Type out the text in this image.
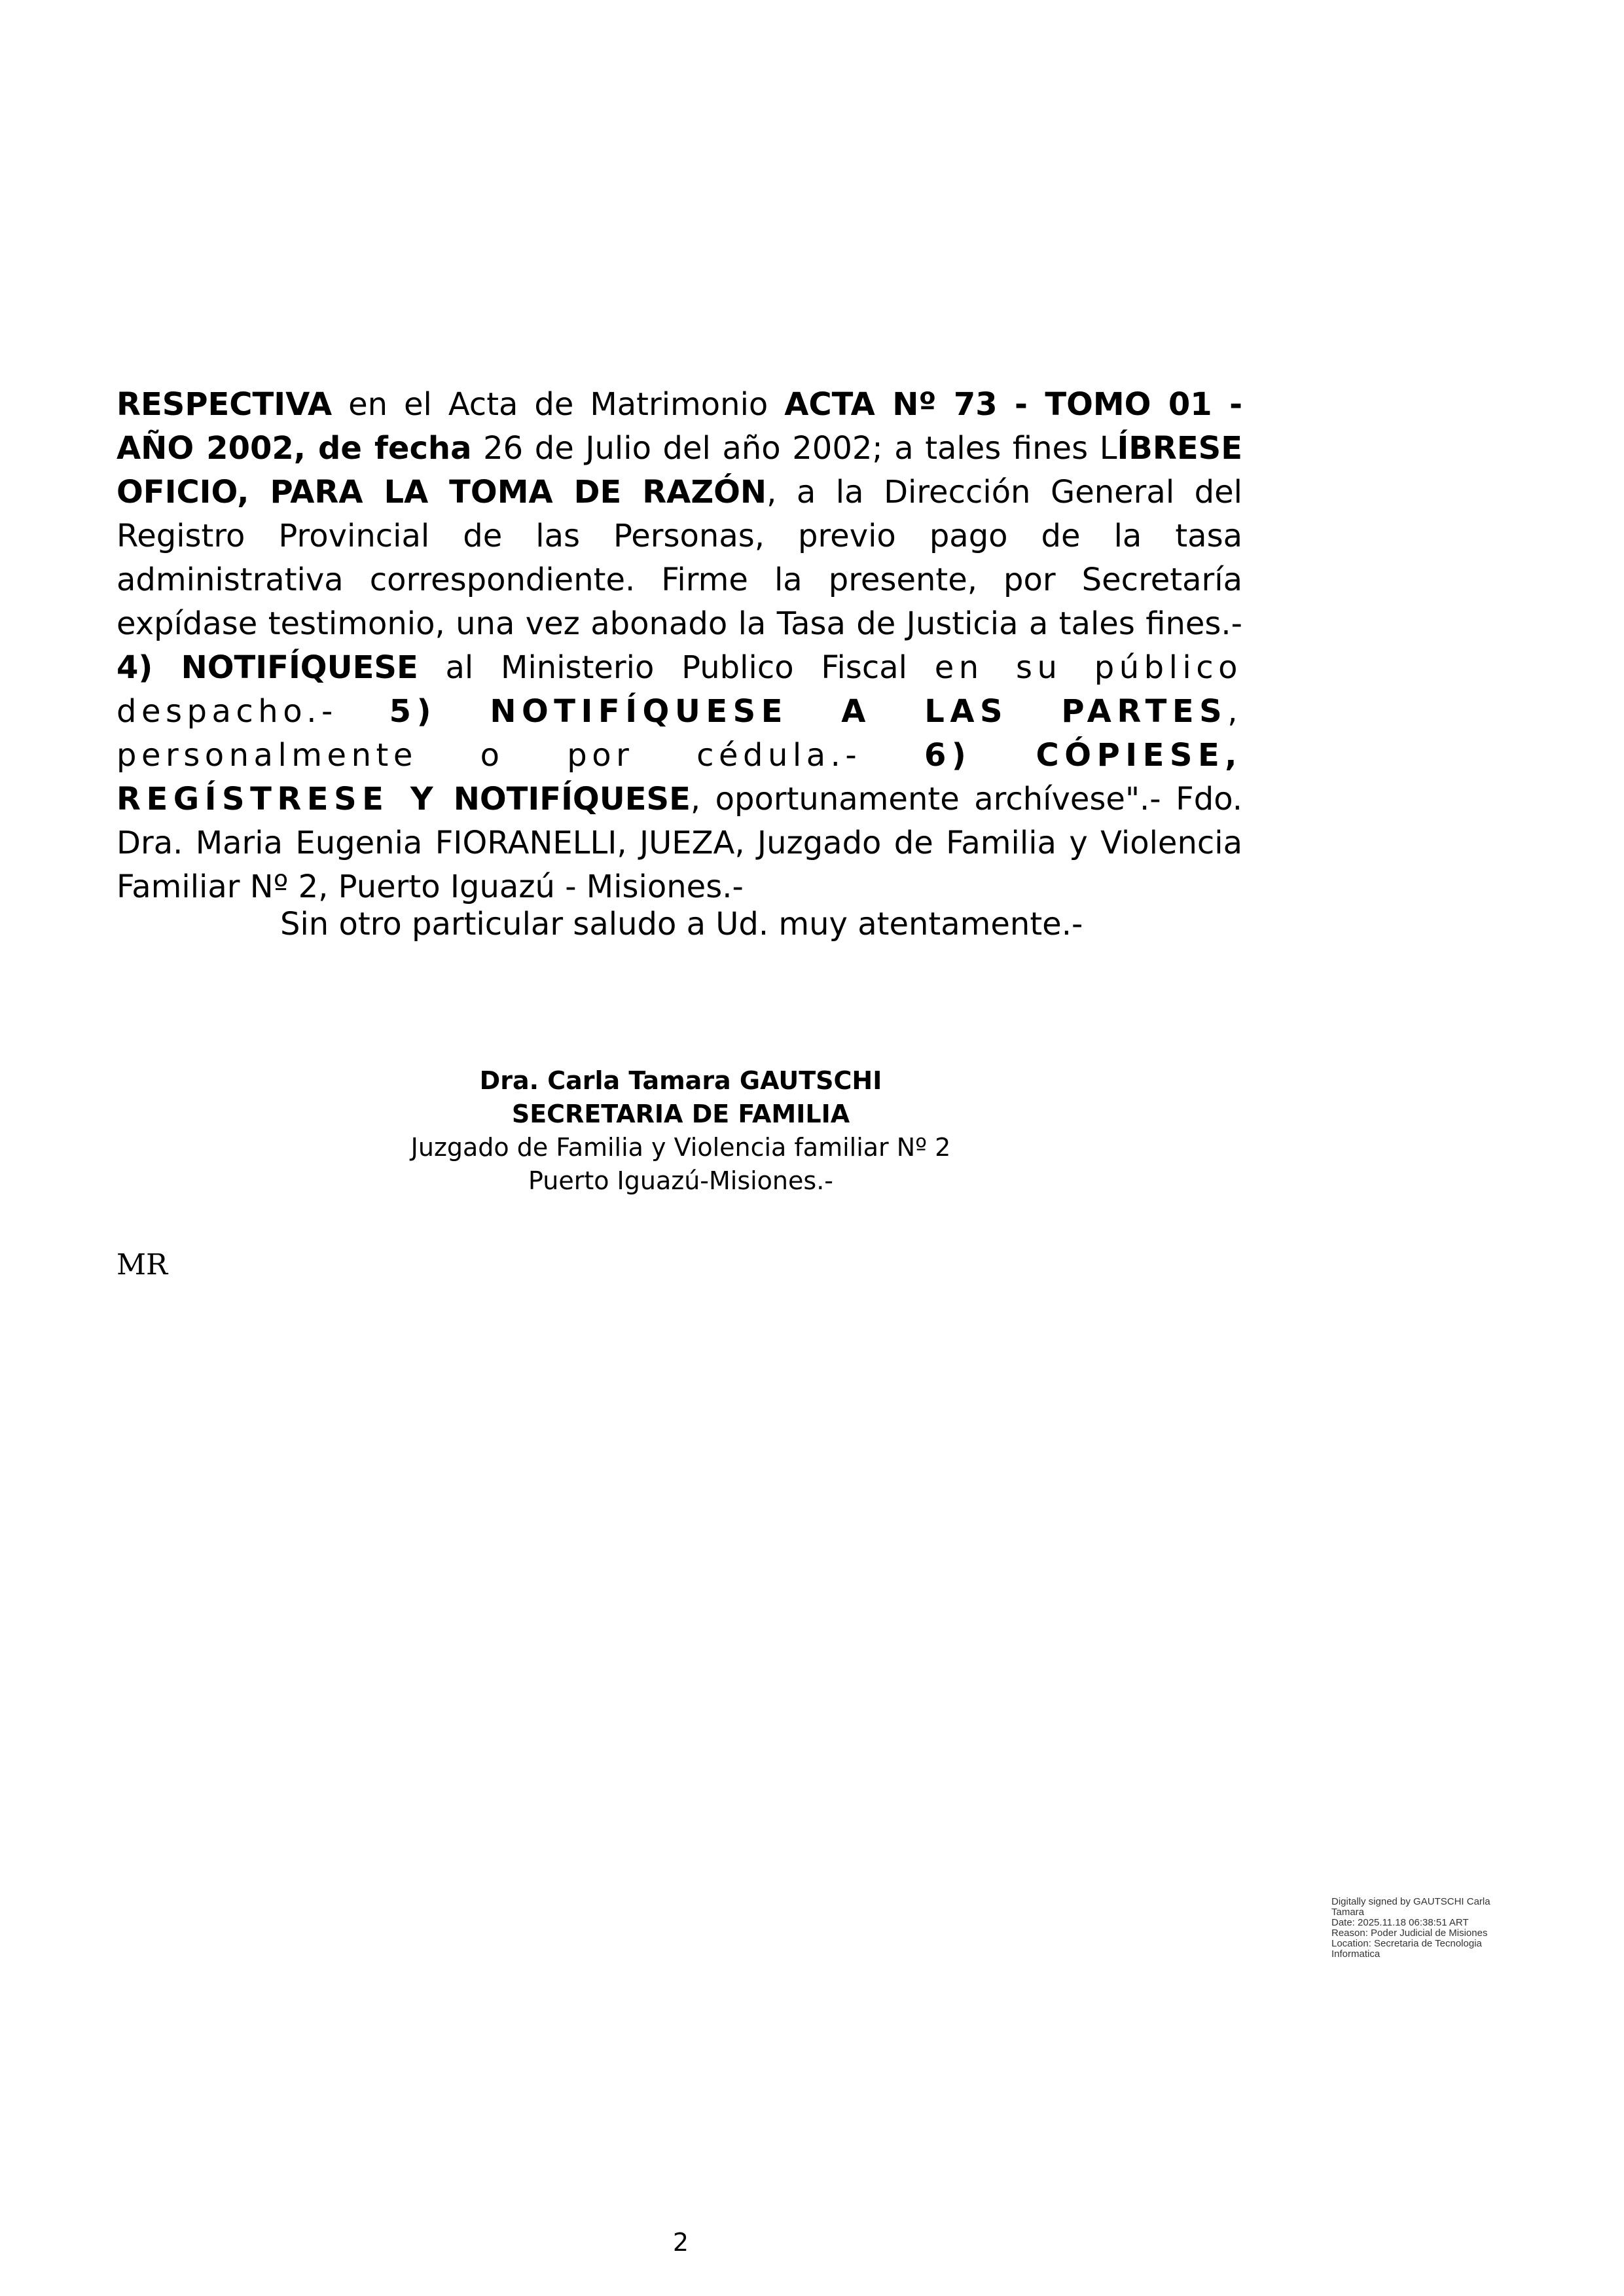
RESPECTIVA en el Acta de Matrimonio ACTA Nº 73 - TOMO 01 - AÑO 2002, de fecha 26 de Julio del año 2002; a tales fines LÍBRESE OFICIO, PARA LA TOMA DE RAZÓN, a la Dirección General del Registro Provincial de las Personas, previo pago de la tasa administrativa correspondiente. Firme la presente, por Secretaría expídase testimonio, una vez abonado la Tasa de Justicia a tales fines.- 4) NOTIFÍQUESE al Ministerio Publico Fiscal en su público despacho.- 5) NOTIFÍQUESE A LAS PARTES, personalmente o por cédula.- 6) CÓPIESE, REGÍSTRESE Y NOTIFÍQUESE, oportunamente archívese".- Fdo. Dra. Maria Eugenia FIORANELLI, JUEZA, Juzgado de Familia y Violencia Familiar Nº 2, Puerto Iguazú - Misiones.-

Sin otro particular saludo a Ud. muy atentamente.-

Dra. Carla Tamara GAUTSCHI
SECRETARIA DE FAMILIA
Juzgado de Familia y Violencia familiar Nº 2
Puerto Iguazú-Misiones.-

MR

Digitally signed by GAUTSCHI Carla Tamara
Date: 2025.11.18 06:38:51 ART
Reason: Poder Judicial de Misiones
Location: Secretaria de Tecnologia Informatica
2
